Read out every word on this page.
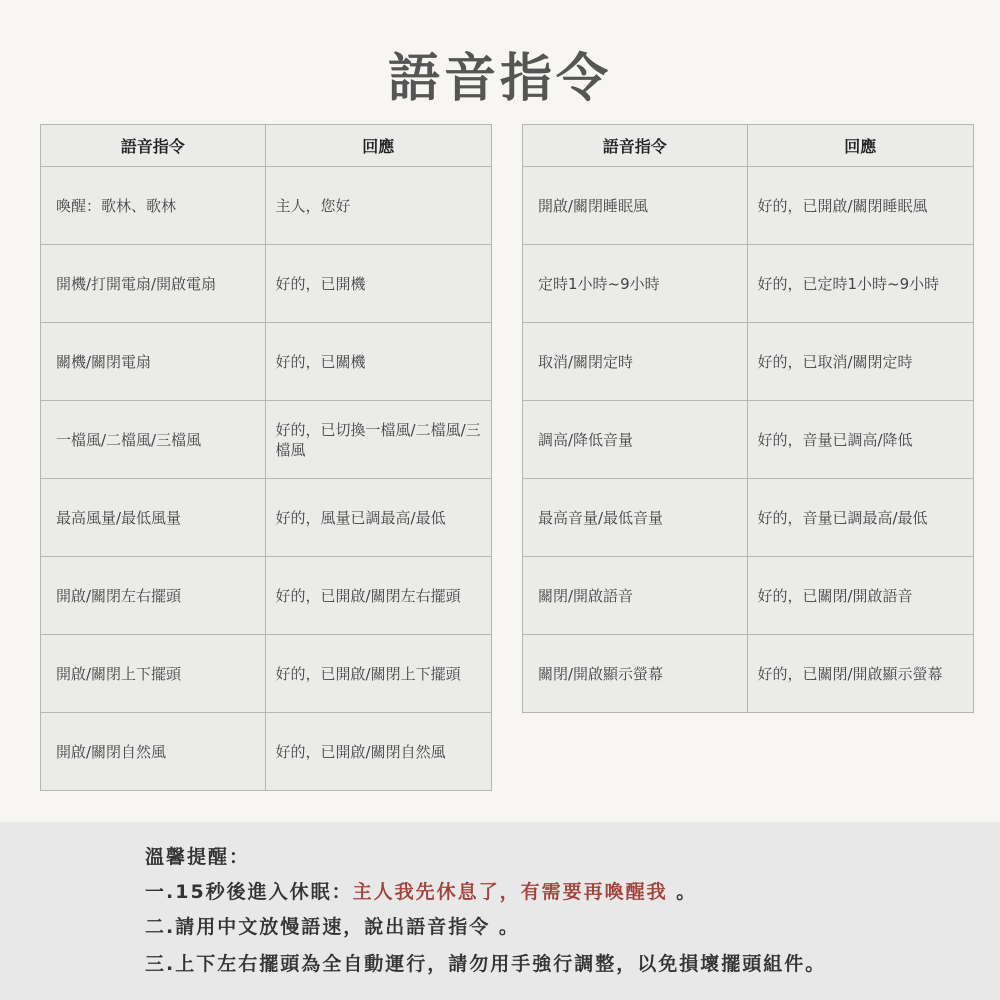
語音指令
語音指令	回應
喚醒：歌林、歌林	主人，您好
開機/打開電扇/開啟電扇	好的，已開機
關機/關閉電扇	好的，已關機
一檔風/二檔風/三檔風	好的，已切換一檔風/二檔風/三檔風
最高風量/最低風量	好的，風量已調最高/最低
開啟/關閉左右擺頭	好的，已開啟/關閉左右擺頭
開啟/關閉上下擺頭	好的，已開啟/關閉上下擺頭
開啟/關閉自然風	好的，已開啟/關閉自然風
語音指令	回應
開啟/關閉睡眠風	好的，已開啟/關閉睡眠風
定時1小時~9小時	好的，已定時1小時~9小時
取消/關閉定時	好的，已取消/關閉定時
調高/降低音量	好的，音量已調高/降低
最高音量/最低音量	好的，音量已調最高/最低
關閉/開啟語音	好的，已關閉/開啟語音
關閉/開啟顯示螢幕	好的，已關閉/開啟顯示螢幕
溫馨提醒：
一.15秒後進入休眠：主人我先休息了，有需要再喚醒我 。
二.請用中文放慢語速，說出語音指令 。
三.上下左右擺頭為全自動運行，請勿用手強行調整，以免損壞擺頭組件。
